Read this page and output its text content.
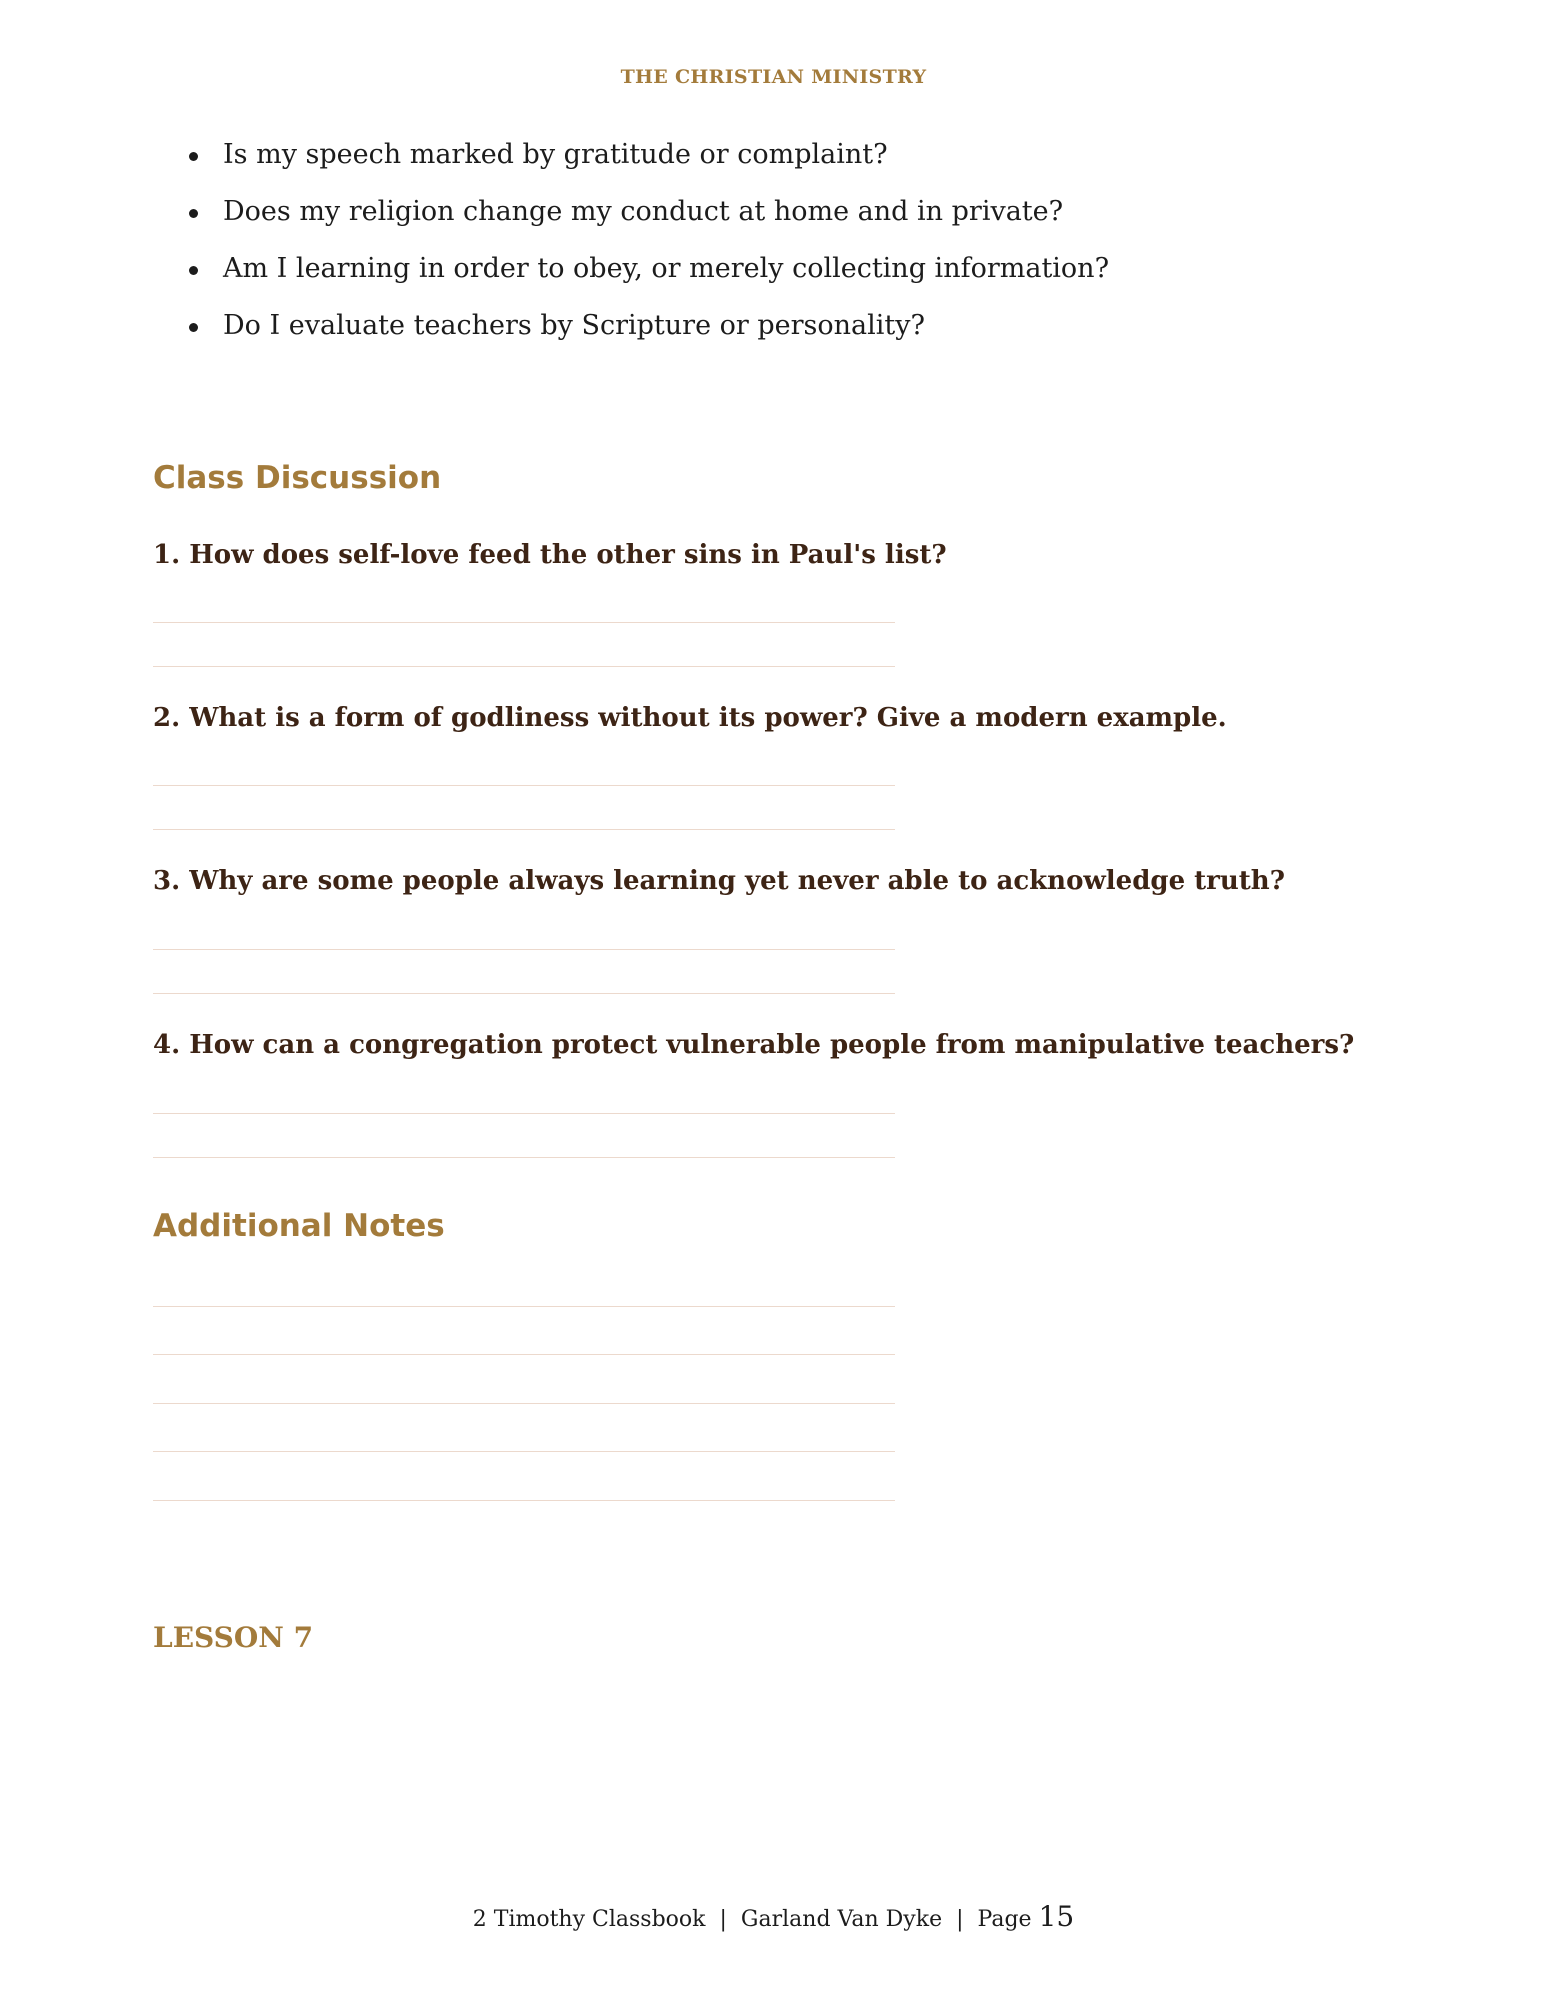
THE CHRISTIAN MINISTRY
Is my speech marked by gratitude or complaint?
Does my religion change my conduct at home and in private?
Am I learning in order to obey, or merely collecting information?
Do I evaluate teachers by Scripture or personality?
Class Discussion

1. How does self-love feed the other sins in Paul's list?

2. What is a form of godliness without its power? Give a modern example.

3. Why are some people always learning yet never able to acknowledge truth?

4. How can a congregation protect vulnerable people from manipulative teachers?

Additional Notes

LESSON 7

2 Timothy Classbook | Garland Van Dyke | Page 15
